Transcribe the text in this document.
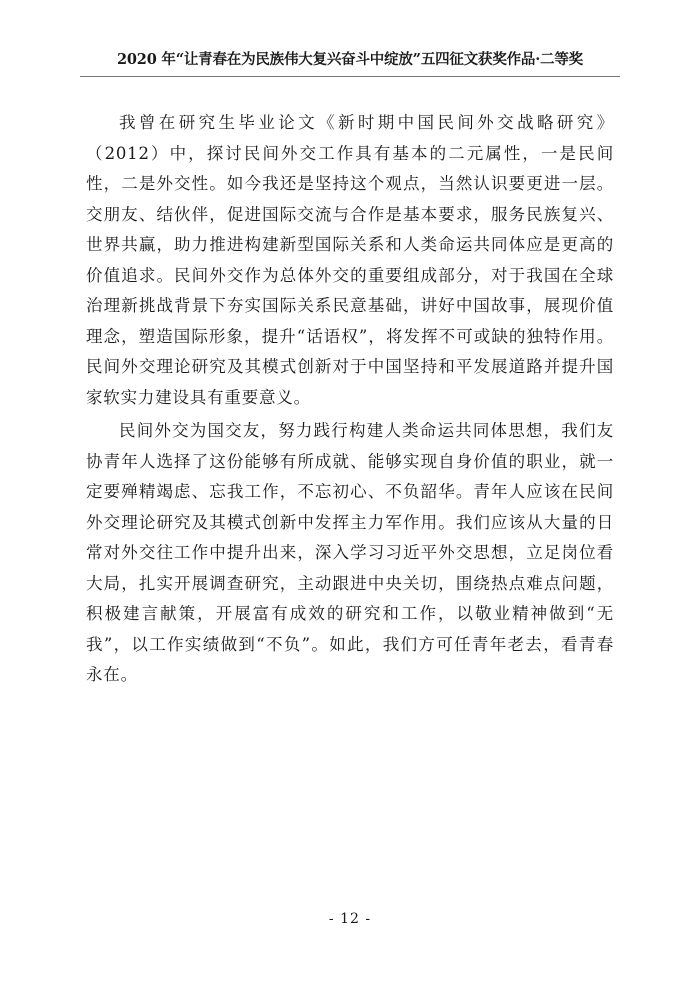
2020 年“让青春在为民族伟大复兴奋斗中绽放”五四征文获奖作品·二等奖

我曾在研究生毕业论文《新时期中国民间外交战略研究》（2012）中，探讨民间外交工作具有基本的二元属性，一是民间性，二是外交性。如今我还是坚持这个观点，当然认识要更进一层。交朋友、结伙伴，促进国际交流与合作是基本要求，服务民族复兴、世界共赢，助力推进构建新型国际关系和人类命运共同体应是更高的价值追求。民间外交作为总体外交的重要组成部分，对于我国在全球治理新挑战背景下夯实国际关系民意基础，讲好中国故事，展现价值理念，塑造国际形象，提升“话语权”，将发挥不可或缺的独特作用。民间外交理论研究及其模式创新对于中国坚持和平发展道路并提升国家软实力建设具有重要意义。

民间外交为国交友，努力践行构建人类命运共同体思想，我们友协青年人选择了这份能够有所成就、能够实现自身价值的职业，就一定要殚精竭虑、忘我工作，不忘初心、不负韶华。青年人应该在民间外交理论研究及其模式创新中发挥主力军作用。我们应该从大量的日常对外交往工作中提升出来，深入学习习近平外交思想，立足岗位看大局，扎实开展调查研究，主动跟进中央关切，围绕热点难点问题，积极建言献策，开展富有成效的研究和工作，以敬业精神做到“无我”，以工作实绩做到“不负”。如此，我们方可任青年老去，看青春永在。

- 12 -
